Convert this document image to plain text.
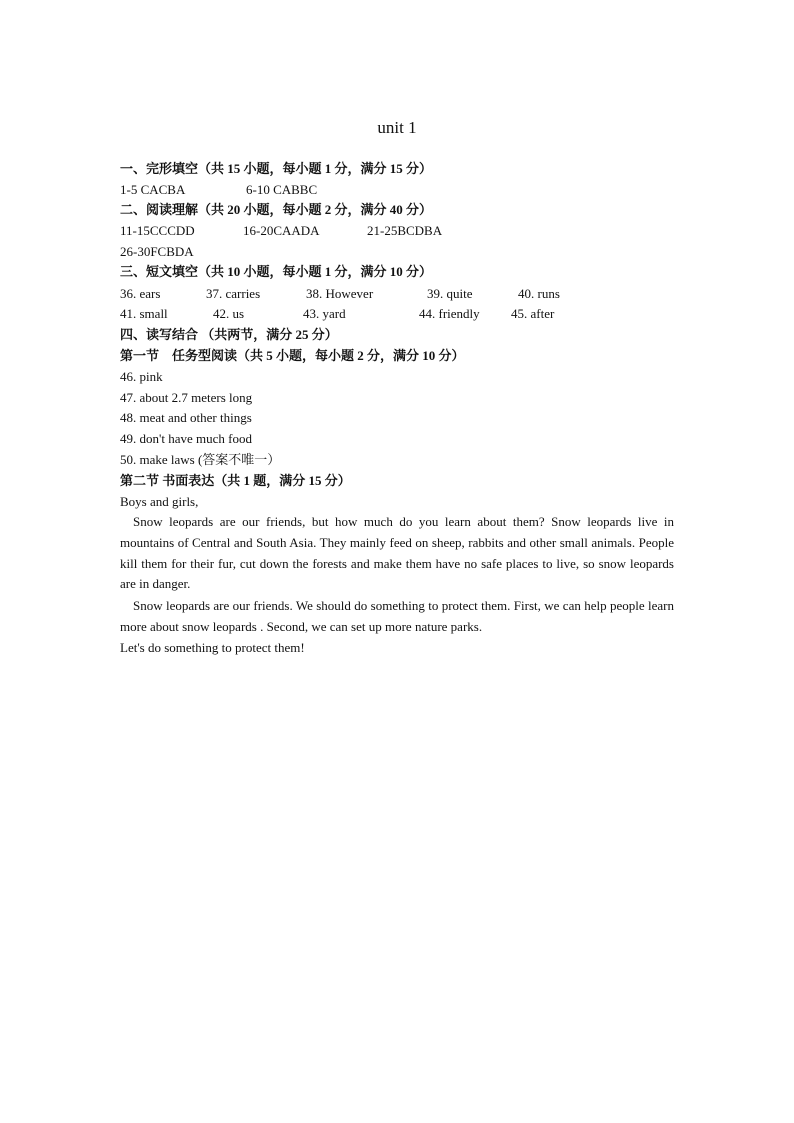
unit 1
一、完形填空（共 15 小题，每小题 1 分，满分 15 分）
1-5 CACBA	6-10 CABBC
二、阅读理解（共 20 小题，每小题 2 分，满分 40 分）
11-15CCCDD	16-20CAADA	21-25BCDBA
26-30FCBDA
三、短文填空（共 10 小题，每小题 1 分，满分 10 分）
36. ears	37. carries	38. However	39. quite	40. runs
41. small	42. us	43. yard	44. friendly 45. after
四、读写结合 （共两节，满分 25 分）
第一节　任务型阅读（共 5 小题，每小题 2 分，满分 10 分）
46. pink
47. about 2.7 meters long
48. meat and other things
49. don't have much food
50. make laws (答案不唯一）
第二节 书面表达（共 1 题，满分 15 分）
Boys and girls,
Snow leopards are our friends, but how much do you learn about them? Snow leopards live in mountains of Central and South Asia. They mainly feed on sheep, rabbits and other small animals. People kill them for their fur, cut down the forests and make them have no safe places to live, so snow leopards are in danger.
Snow leopards are our friends. We should do something to protect them. First, we can help people learn more about snow leopards . Second, we can set up more nature parks.
Let's do something to protect them!
